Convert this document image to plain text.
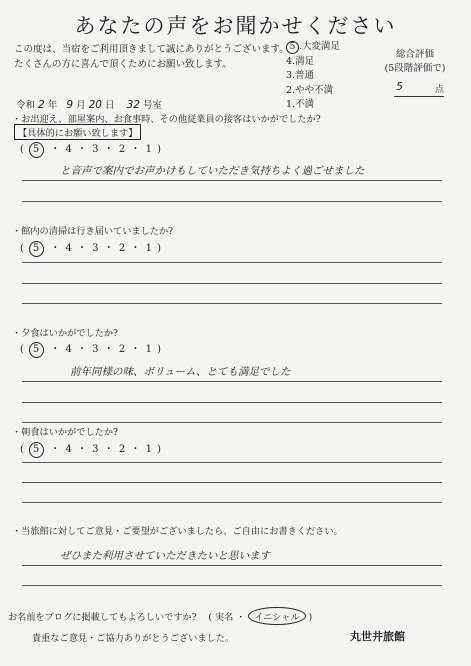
あなたの声をお聞かせください
この度は、当宿をご利用頂きまして誠にありがとうございます。
たくさんの方に喜んで頂くためにお願い致します。
5 .大変満足
4.満足
3.普通
2.やや不満
1.不満
総合評価
(5段階評価で)
5	点
令和 2 年 9 月 20 日 32 号室
・お出迎え、部屋案内、お食事時、その他従業員の接客はいかがでしたか?
【具体的にお願い致します】
( 5 ・ 4 ・ 3 ・ 2 ・ 1 )
と音声で案内でお声かけもしていただき気持ちよく過ごせました
・館内の清掃は行き届いていましたか?
( 5 ・ 4 ・ 3 ・ 2 ・ 1 )
・夕食はいかがでしたか?
( 5 ・ 4 ・ 3 ・ 2 ・ 1 )
前年同様の味、ボリューム、とても満足でした
・朝食はいかがでしたか?
( 5 ・ 4 ・ 3 ・ 2 ・ 1 )
・当旅館に対してご意見・ご要望がございましたら、ご自由にお書きください。
ぜひまた利用させていただきたいと思います
お名前をブログに掲載してもよろしいですか? ( 実名 ・ イニシャル )
貴重なご意見・ご協力ありがとうございました。	丸世井旅館
